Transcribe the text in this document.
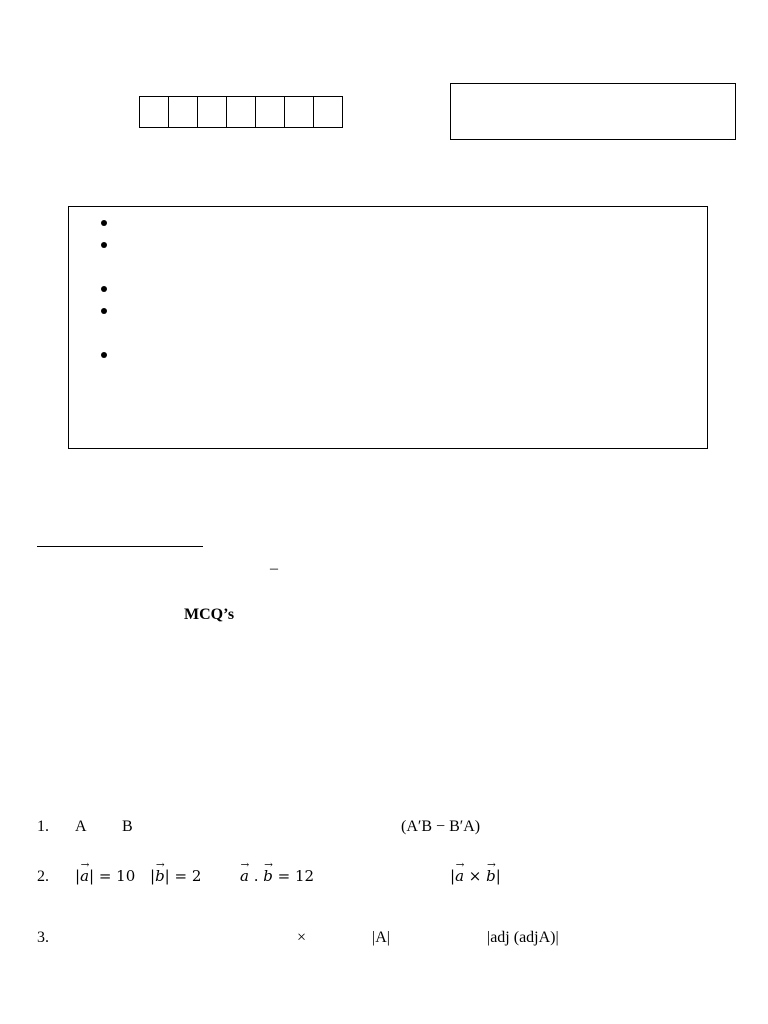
–
MCQ’s
1. A B	(A′B − B′A)
2. |→ a| = 10 |→ b| = 2
→	a . → b = 12	|→ a × → b|
3.	×	|A|	|adj (adjA)|
